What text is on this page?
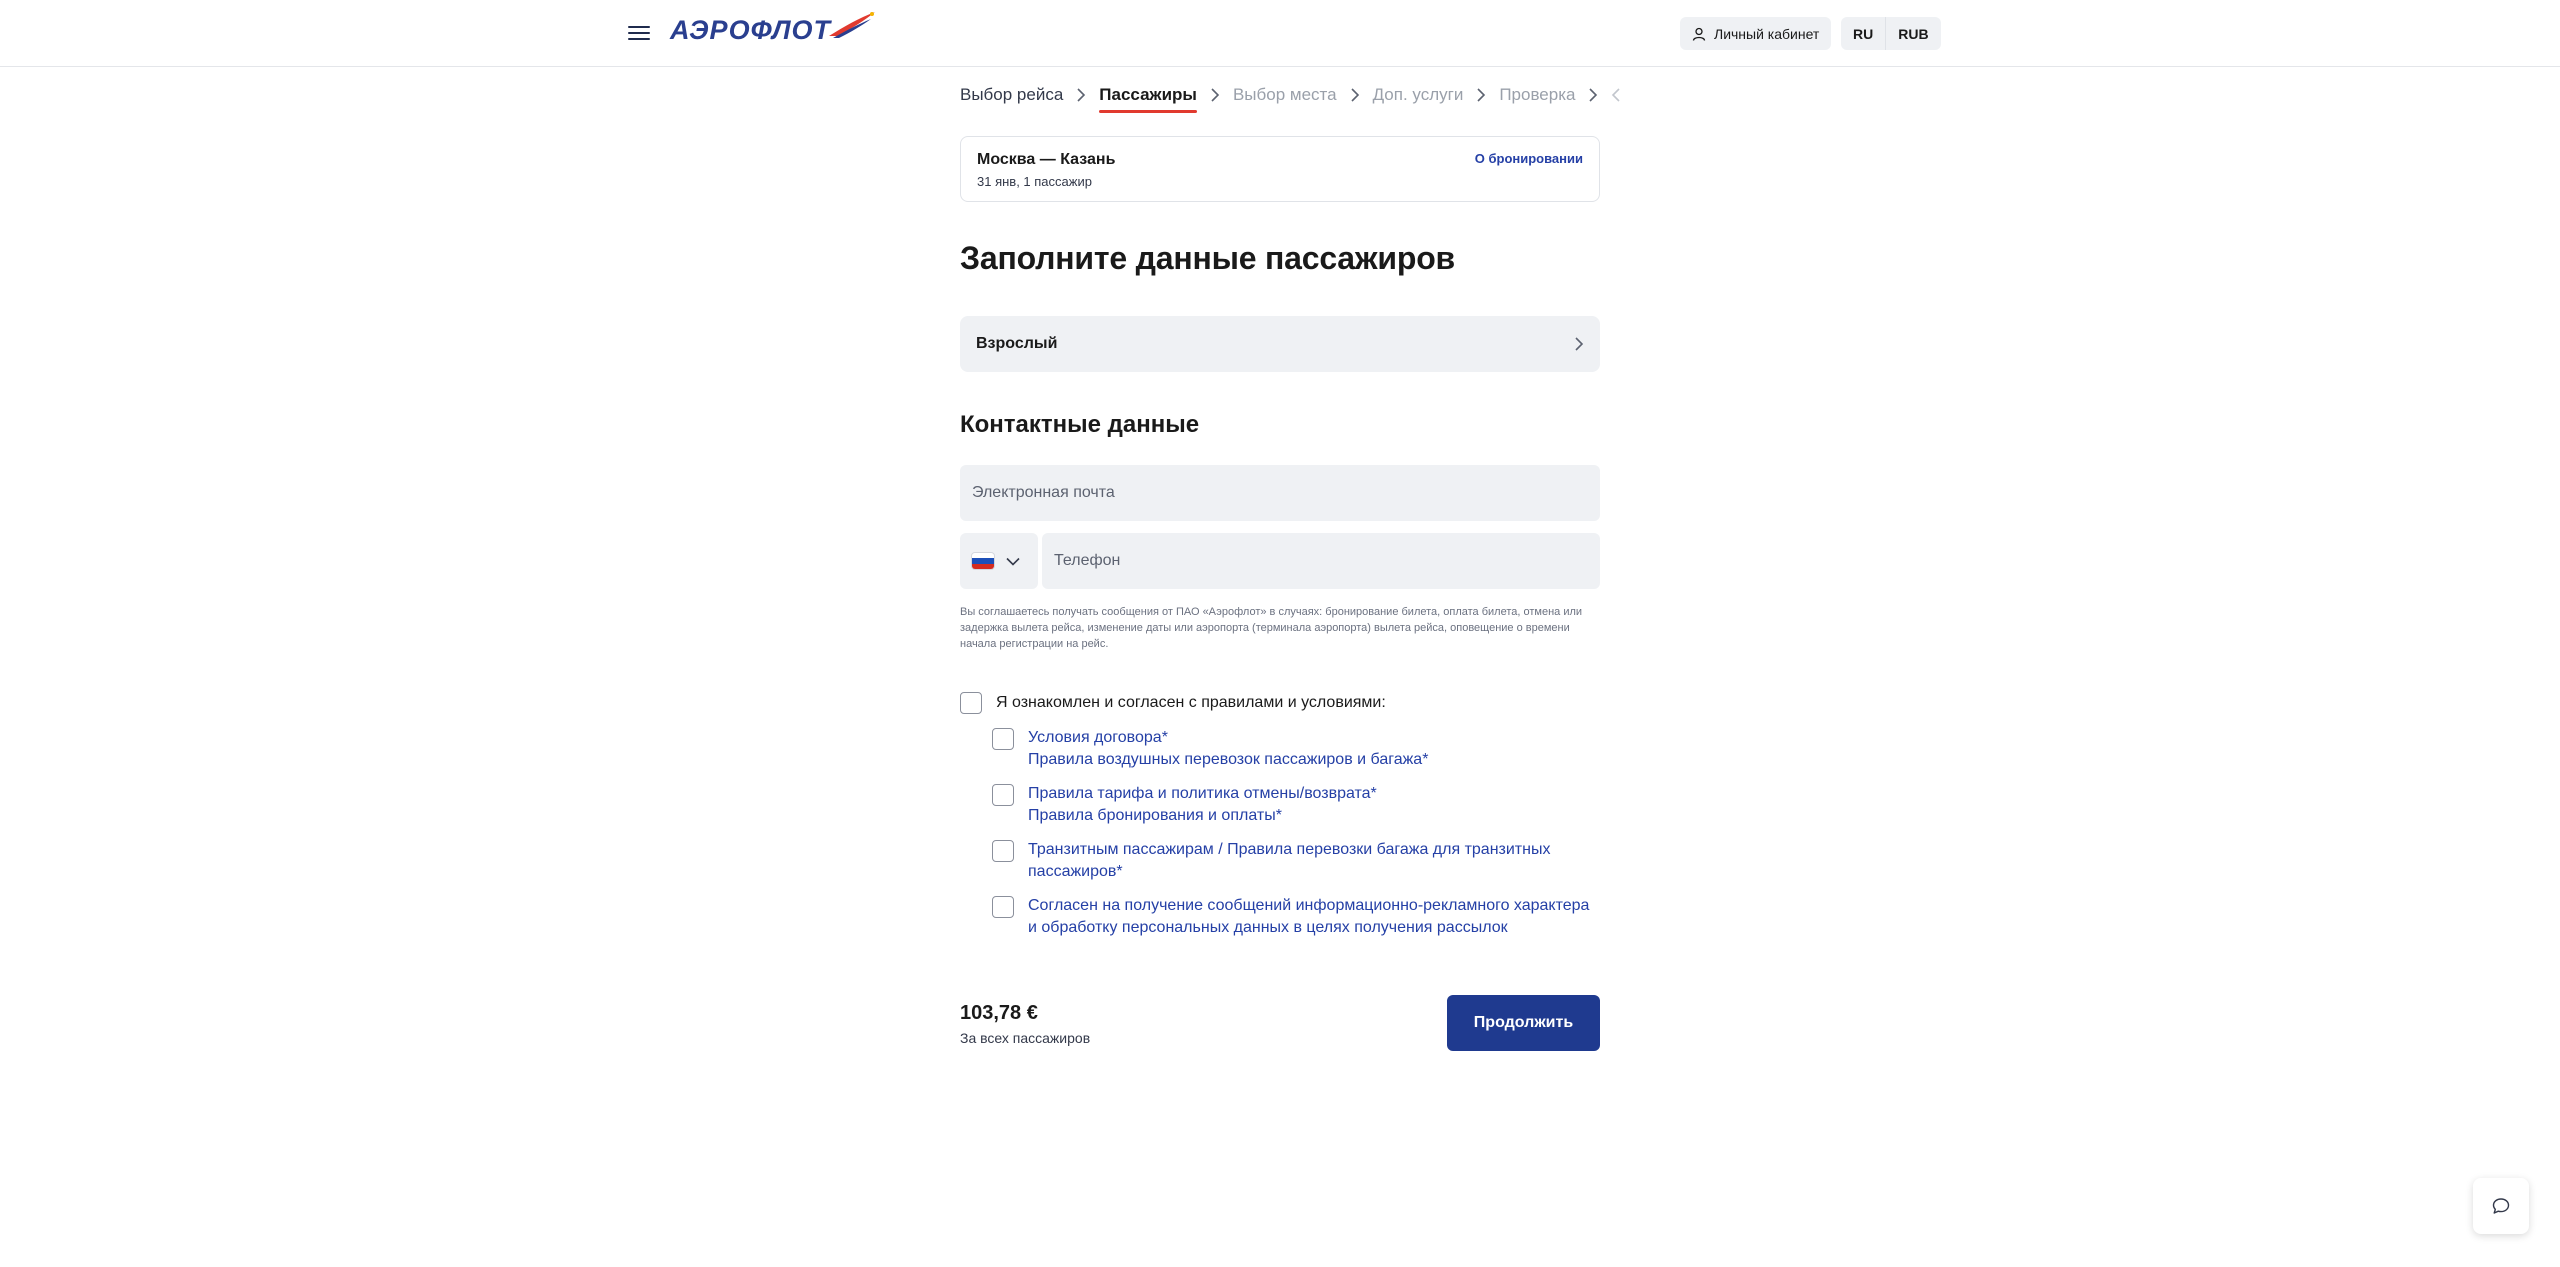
АЭРОФЛОТ	Личный кабинет	RU	RUB
Выбор рейса Пассажиры Выбор места Доп. услуги Проверка
Москва — Казань
31 янв, 1 пассажир
О бронировании
Заполните данные пассажиров
Взрослый
Контактные данные
Электронная почта
Телефон
Вы соглашаетесь получать сообщения от ПАО «Аэрофлот» в случаях: бронирование билета, оплата билета, отмена или задержка вылета рейса, изменение даты или аэропорта (терминала аэропорта) вылета рейса, оповещение о времени начала регистрации на рейс.
Я ознакомлен и согласен с правилами и условиями:
Условия договора*
Правила воздушных перевозок пассажиров и багажа*
Правила тарифа и политика отмены/возврата*
Правила бронирования и оплаты*
Транзитным пассажирам / Правила перевозки багажа для транзитных
пассажиров*
Согласен на получение сообщений информационно-рекламного характера
и обработку персональных данных в целях получения рассылок
103,78 €
За всех пассажиров
Продолжить
